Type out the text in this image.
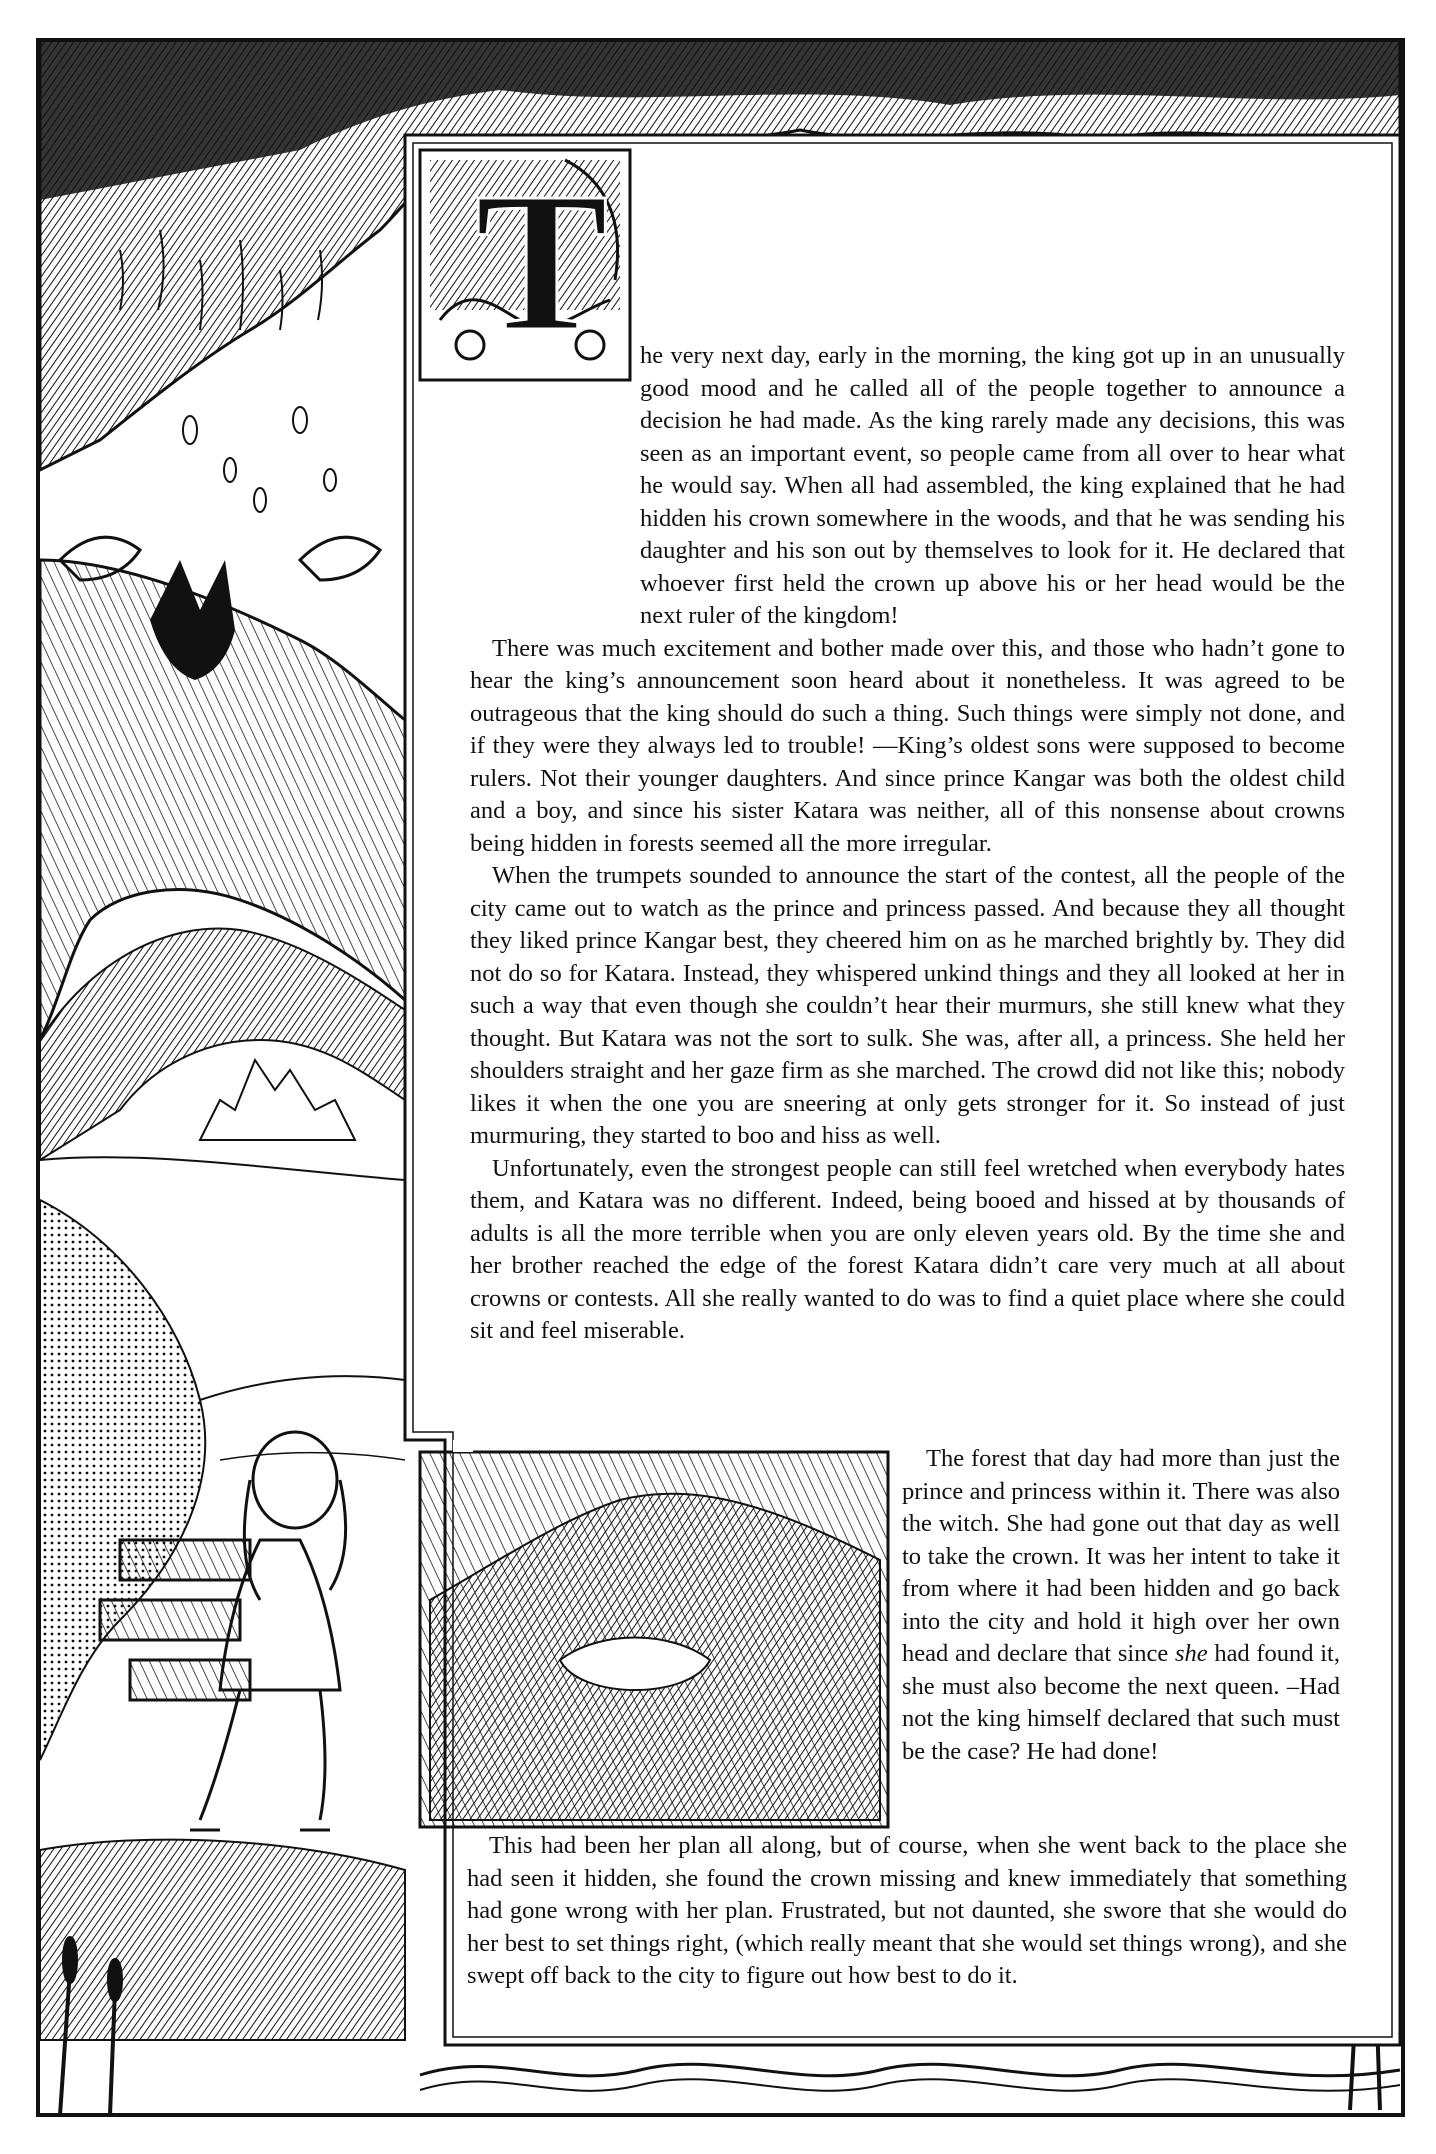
T	he very next day, early in the morning, the king got up in an unusually good mood and he called all of the people together to announce a decision he had made. As the king rarely made any decisions, this was seen as an important event, so people came from all over to hear what he would say. When all had assembled, the king explained that he had hidden his crown somewhere in the woods, and that he was sending his daughter and his son out by themselves to look for it. He declared that whoever first held the crown up above his or her head would be the next ruler of the kingdom!

There was much excitement and bother made over this, and those who hadn’t gone to hear the king’s announcement soon heard about it nonetheless. It was agreed to be outrageous that the king should do such a thing. Such things were simply not done, and if they were they always led to trouble! —King’s oldest sons were supposed to become rulers. Not their younger daughters. And since prince Kangar was both the oldest child and a boy, and since his sister Katara was neither, all of this nonsense about crowns being hidden in forests seemed all the more irregular.

When the trumpets sounded to announce the start of the contest, all the people of the city came out to watch as the prince and princess passed. And because they all thought they liked prince Kangar best, they cheered him on as he marched brightly by. They did not do so for Katara. Instead, they whispered unkind things and they all looked at her in such a way that even though she couldn’t hear their murmurs, she still knew what they thought. But Katara was not the sort to sulk. She was, after all, a princess. She held her shoulders straight and her gaze firm as she marched. The crowd did not like this; nobody likes it when the one you are sneering at only gets stronger for it. So instead of just murmuring, they started to boo and hiss as well.

Unfortunately, even the strongest people can still feel wretched when everybody hates them, and Katara was no different. Indeed, being booed and hissed at by thousands of adults is all the more terrible when you are only eleven years old. By the time she and her brother reached the edge of the forest Katara didn’t care very much at all about crowns or contests. All she really wanted to do was to find a quiet place where she could sit and feel miserable.

The forest that day had more than just the prince and princess within it. There was also the witch. She had gone out that day as well to take the crown. It was her intent to take it from where it had been hidden and go back into the city and hold it high over her own head and declare that since she had found it, she must also become the next queen. –Had not the king himself declared that such must be the case? He had done!

This had been her plan all along, but of course, when she went back to the place she had seen it hidden, she found the crown missing and knew immediately that something had gone wrong with her plan. Frustrated, but not daunted, she swore that she would do her best to set things right, (which really meant that she would set things wrong), and she swept off back to the city to figure out how best to do it.
